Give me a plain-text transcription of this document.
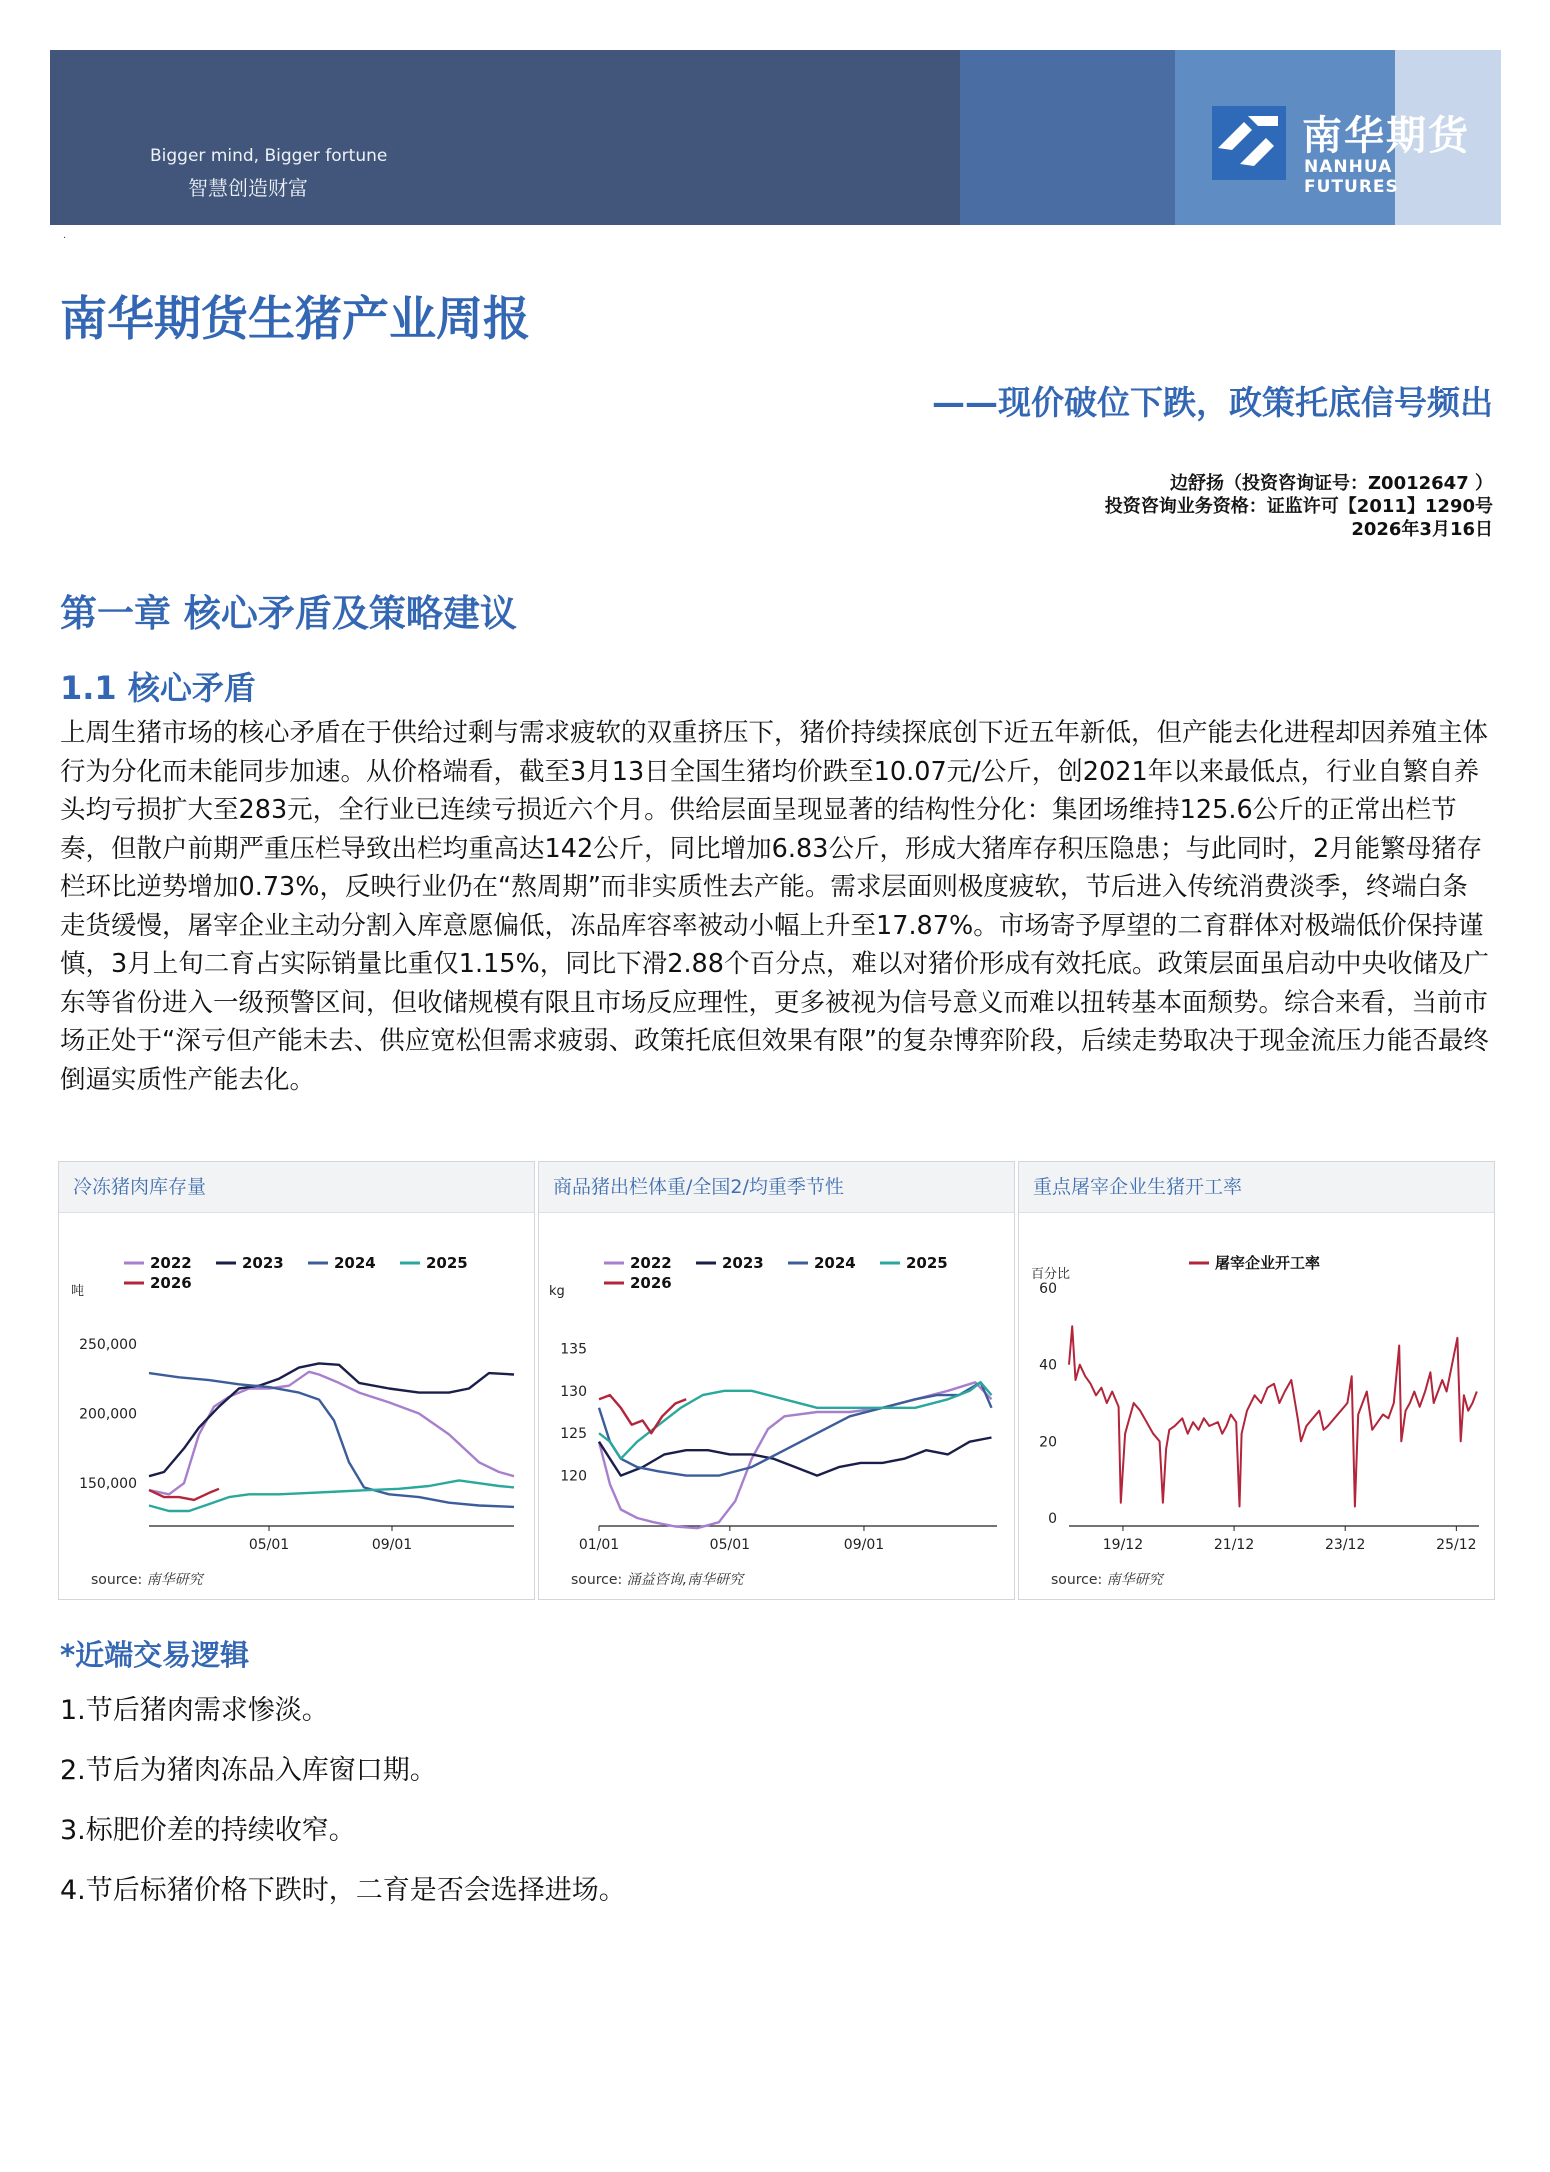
Bigger mind, Bigger fortune
智慧创造财富
南华期货
NANHUA FUTURES
·
南华期货生猪产业周报
——现价破位下跌，政策托底信号频出
边舒扬（投资咨询证号：Z0012647 ）
投资咨询业务资格：证监许可【2011】1290号
2026年3月16日
第一章 核心矛盾及策略建议
1.1 核心矛盾

上周生猪市场的核心矛盾在于供给过剩与需求疲软的双重挤压下，猪价持续探底创下近五年新低，但产能去化进程却因养殖主体行为分化而未能同步加速。从价格端看，截至3月13日全国生猪均价跌至10.07元/公斤，创2021年以来最低点，行业自繁自养头均亏损扩大至283元，全行业已连续亏损近六个月。供给层面呈现显著的结构性分化：集团场维持125.6公斤的正常出栏节奏，但散户前期严重压栏导致出栏均重高达142公斤，同比增加6.83公斤，形成大猪库存积压隐患；与此同时，2月能繁母猪存栏环比逆势增加0.73%，反映行业仍在“熬周期”而非实质性去产能。需求层面则极度疲软，节后进入传统消费淡季，终端白条走货缓慢，屠宰企业主动分割入库意愿偏低，冻品库容率被动小幅上升至17.87%。市场寄予厚望的二育群体对极端低价保持谨慎，3月上旬二育占实际销量比重仅1.15%，同比下滑2.88个百分点，难以对猪价形成有效托底。政策层面虽启动中央收储及广东等省份进入一级预警区间，但收储规模有限且市场反应理性，更多被视为信号意义而难以扭转基本面颓势。综合来看，当前市场正处于“深亏但产能未去、供应宽松但需求疲弱、政策托底但效果有限”的复杂博弈阶段，后续走势取决于现金流压力能否最终倒逼实质性产能去化。

冷冻猪肉库存量
250,000
200,000
150,000
吨
05/01	09/01
2022	2023	2024	2025
2026
source: 南华研究
商品猪出栏体重/全国2/均重季节性
135
130
125
120
kg
01/01	05/01	09/01
2022	2023	2024	2025
2026
source: 涌益咨询,南华研究
重点屠宰企业生猪开工率
60
40
20
0
百分比
19/12	21/12	23/12	25/12
屠宰企业开工率
source: 南华研究
*近端交易逻辑

1.节后猪肉需求惨淡。

2.节后为猪肉冻品入库窗口期。

3.标肥价差的持续收窄。

4.节后标猪价格下跌时，二育是否会选择进场。
